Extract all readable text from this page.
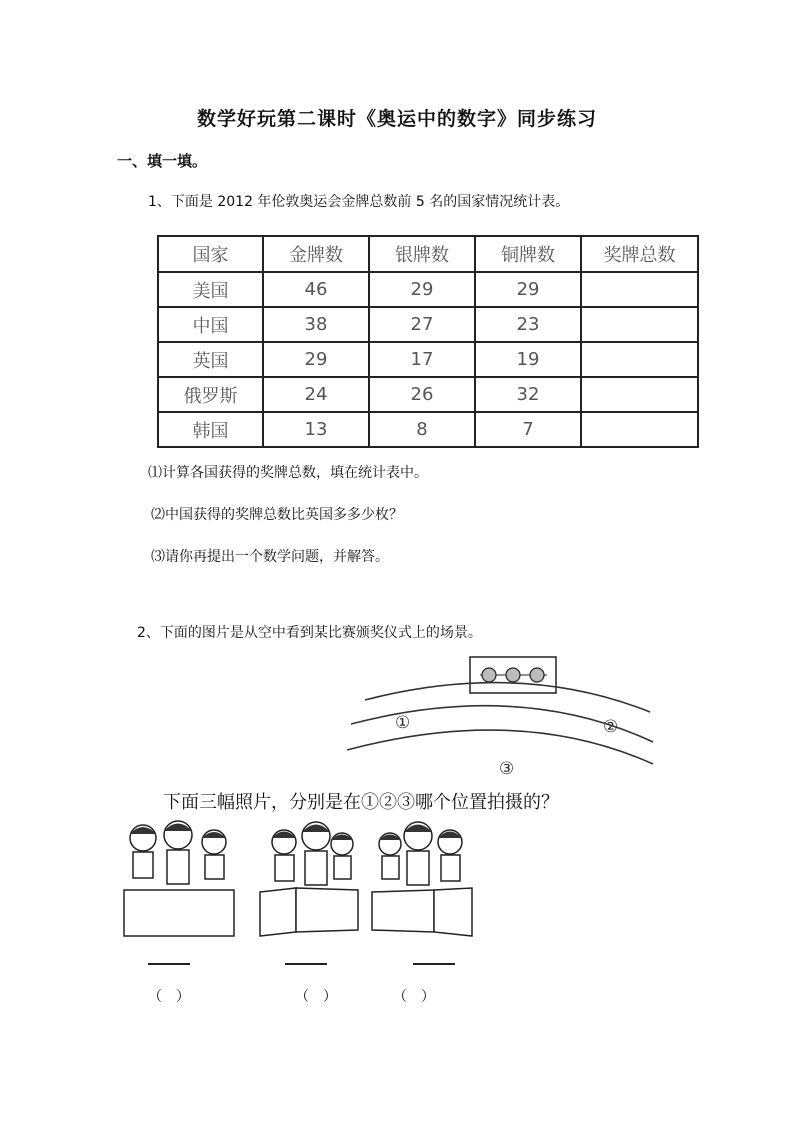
数学好玩第二课时《奥运中的数字》同步练习
一、填一填。
1、下面是 2012 年伦敦奥运会金牌总数前 5 名的国家情况统计表。
国家	金牌数	银牌数	铜牌数	奖牌总数
美国	46	29	29	
中国	38	27	23	
英国	29	17	19	
俄罗斯	24	26	32	
韩国	13	8	7	
⑴计算各国获得的奖牌总数，填在统计表中。
⑵中国获得的奖牌总数比英国多多少枚？
⑶请你再提出一个数学问题，并解答。
2、下面的图片是从空中看到某比赛颁奖仪式上的场景。
①	②
③
下面三幅照片，分别是在①②③哪个位置拍摄的？
（　）	（　）	（　）
